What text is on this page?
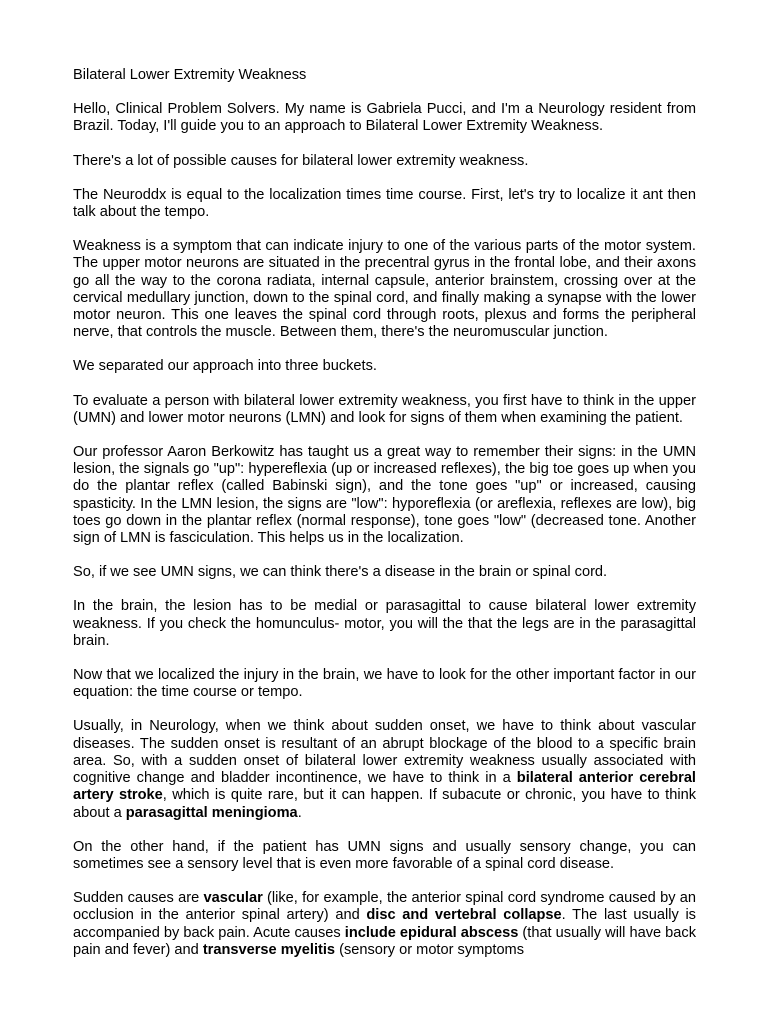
Bilateral Lower Extremity Weakness

Hello, Clinical Problem Solvers. My name is Gabriela Pucci, and I'm a Neurology resident from Brazil. Today, I'll guide you to an approach to Bilateral Lower Extremity Weakness.

There's a lot of possible causes for bilateral lower extremity weakness.

The Neuroddx is equal to the localization times time course. First, let's try to localize it ant then talk about the tempo.

Weakness is a symptom that can indicate injury to one of the various parts of the motor system. The upper motor neurons are situated in the precentral gyrus in the frontal lobe, and their axons go all the way to the corona radiata, internal capsule, anterior brainstem, crossing over at the cervical medullary junction, down to the spinal cord, and finally making a synapse with the lower motor neuron. This one leaves the spinal cord through roots, plexus and forms the peripheral nerve, that controls the muscle. Between them, there's the neuromuscular junction.

We separated our approach into three buckets.

To evaluate a person with bilateral lower extremity weakness, you first have to think in the upper (UMN) and lower motor neurons (LMN) and look for signs of them when examining the patient.

Our professor Aaron Berkowitz has taught us a great way to remember their signs: in the UMN lesion, the signals go "up": hypereflexia (up or increased reflexes), the big toe goes up when you do the plantar reflex (called Babinski sign), and the tone goes "up" or increased, causing spasticity. In the LMN lesion, the signs are "low": hyporeflexia (or areflexia, reflexes are low), big toes go down in the plantar reflex (normal response), tone goes "low" (decreased tone. Another sign of LMN is fasciculation. This helps us in the localization.

So, if we see UMN signs, we can think there's a disease in the brain or spinal cord.

In the brain, the lesion has to be medial or parasagittal to cause bilateral lower extremity weakness. If you check the homunculus- motor, you will the that the legs are in the parasagittal brain.

Now that we localized the injury in the brain, we have to look for the other important factor in our equation: the time course or tempo.

Usually, in Neurology, when we think about sudden onset, we have to think about vascular diseases. The sudden onset is resultant of an abrupt blockage of the blood to a specific brain area. So, with a sudden onset of bilateral lower extremity weakness usually associated with cognitive change and bladder incontinence, we have to think in a bilateral anterior cerebral artery stroke, which is quite rare, but it can happen. If subacute or chronic, you have to think about a parasagittal meningioma.

On the other hand, if the patient has UMN signs and usually sensory change, you can sometimes see a sensory level that is even more favorable of a spinal cord disease.

Sudden causes are vascular (like, for example, the anterior spinal cord syndrome caused by an occlusion in the anterior spinal artery) and disc and vertebral collapse. The last usually is accompanied by back pain. Acute causes include epidural abscess (that usually will have back pain and fever) and transverse myelitis (sensory or motor symptoms
